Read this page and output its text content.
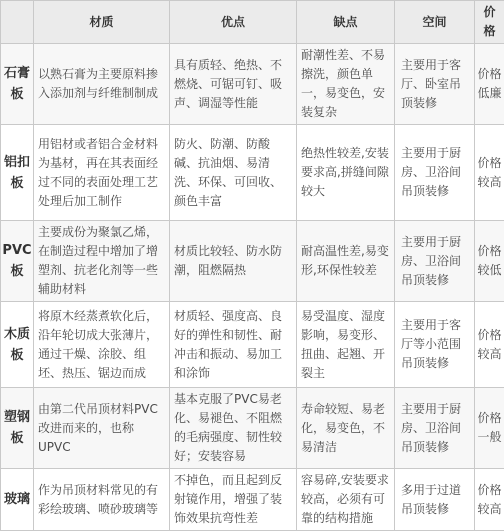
	材质	优点	缺点	空间	价格
石膏板	以熟石膏为主要原料掺入添加剂与纤维制制成	具有质轻、绝热、不燃烧、可锯可钉、吸声、调湿等性能	耐潮性差、不易擦洗，颜色单一，易变色，安装复杂	主要用于客厅、卧室吊顶装修	价格低廉
铝扣板	用铝材或者铝合金材料为基材，再在其表面经过不同的表面处理工艺处理后加工制作	防火、防潮、防酸碱、抗油烟、易清洗、环保、可回收、颜色丰富	绝热性较差,安装要求高,拼缝间隙较大	主要用于厨房、卫浴间吊顶装修	价格较高
PVC板	主要成份为聚氯乙烯，在制造过程中增加了增塑剂、抗老化剂等一些辅助材料	材质比较轻、防水防潮，阻燃隔热	耐高温性差,易变形,环保性较差	主要用于厨房、卫浴间吊顶装修	价格较低
木质板	将原木经蒸煮软化后，沿年轮切成大张薄片，通过干燥、涂胶、组坯、热压、锯边而成	材质轻、强度高、良好的弹性和韧性、耐冲击和振动、易加工和涂饰	易受温度、湿度影响，易变形、扭曲、起翘、开裂主	主要用于客厅等小范围吊顶装修	价格较高
塑钢板	由第二代吊顶材料PVC改进而来的，也称UPVC	基本克服了PVC易老化、易褪色、不阻燃的毛病强度、韧性较好；安装容易	寿命较短、易老化，易变色，不易清洁	主要用于厨房、卫浴间吊顶装修	价格一般
玻璃	作为吊顶材料常见的有彩绘玻璃、喷砂玻璃等	不掉色，而且起到反射镜作用，增强了装饰效果抗弯性差	容易碎,安装要求较高，必须有可靠的结构措施	多用于过道吊顶装修	价格较高
